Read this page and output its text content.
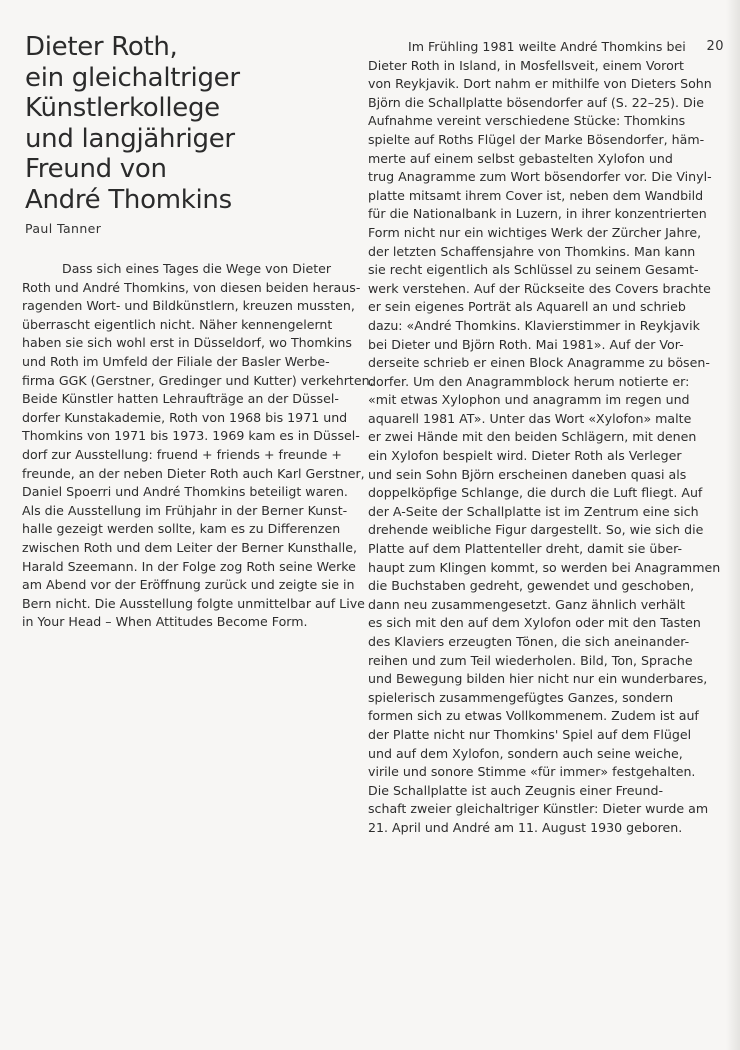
20
Dieter Roth,
ein gleichaltriger
Künstlerkollege
und langjähriger
Freund von
André Thomkins

Paul Tanner

Dass sich eines Tages die Wege von Dieter
Roth und André Thomkins, von diesen beiden heraus-
ragenden Wort- und Bildkünstlern, kreuzen mussten,
überrascht eigentlich nicht. Näher kennengelernt
haben sie sich wohl erst in Düsseldorf, wo Thomkins
und Roth im Umfeld der Filiale der Basler Werbe-
firma GGK (Gerstner, Gredinger und Kutter) verkehrten.
Beide Künstler hatten Lehraufträge an der Düssel-
dorfer Kunstakademie, Roth von 1968 bis 1971 und
Thomkins von 1971 bis 1973. 1969 kam es in Düssel-
dorf zur Ausstellung: fruend + friends + freunde +
freunde, an der neben Dieter Roth auch Karl Gerstner,
Daniel Spoerri und André Thomkins beteiligt waren.
Als die Ausstellung im Frühjahr in der Berner Kunst-
halle gezeigt werden sollte, kam es zu Differenzen
zwischen Roth und dem Leiter der Berner Kunsthalle,
Harald Szeemann. In der Folge zog Roth seine Werke
am Abend vor der Eröffnung zurück und zeigte sie in
Bern nicht. Die Ausstellung folgte unmittelbar auf Live
in Your Head – When Attitudes Become Form.

Im Frühling 1981 weilte André Thomkins bei
Dieter Roth in Island, in Mosfellsveit, einem Vorort
von Reykjavik. Dort nahm er mithilfe von Dieters Sohn
Björn die Schallplatte bösendorfer auf (S. 22–25). Die
Aufnahme vereint verschiedene Stücke: Thomkins
spielte auf Roths Flügel der Marke Bösendorfer, häm-
merte auf einem selbst gebastelten Xylofon und
trug Anagramme zum Wort bösendorfer vor. Die Vinyl-
platte mitsamt ihrem Cover ist, neben dem Wandbild
für die Nationalbank in Luzern, in ihrer konzentrierten
Form nicht nur ein wichtiges Werk der Zürcher Jahre,
der letzten Schaffensjahre von Thomkins. Man kann
sie recht eigentlich als Schlüssel zu seinem Gesamt-
werk verstehen. Auf der Rückseite des Covers brachte
er sein eigenes Porträt als Aquarell an und schrieb
dazu: «André Thomkins. Klavierstimmer in Reykjavik
bei Dieter und Björn Roth. Mai 1981». Auf der Vor-
derseite schrieb er einen Block Anagramme zu bösen-
dorfer. Um den Anagrammblock herum notierte er:
«mit etwas Xylophon und anagramm im regen und
aquarell 1981 AT». Unter das Wort «Xylofon» malte
er zwei Hände mit den beiden Schlägern, mit denen
ein Xylofon bespielt wird. Dieter Roth als Verleger
und sein Sohn Björn erscheinen daneben quasi als
doppelköpfige Schlange, die durch die Luft fliegt. Auf
der A-Seite der Schallplatte ist im Zentrum eine sich
drehende weibliche Figur dargestellt. So, wie sich die
Platte auf dem Plattenteller dreht, damit sie über-
haupt zum Klingen kommt, so werden bei Anagrammen
die Buchstaben gedreht, gewendet und geschoben,
dann neu zusammengesetzt. Ganz ähnlich verhält
es sich mit den auf dem Xylofon oder mit den Tasten
des Klaviers erzeugten Tönen, die sich aneinander-
reihen und zum Teil wiederholen. Bild, Ton, Sprache
und Bewegung bilden hier nicht nur ein wunderbares,
spielerisch zusammengefügtes Ganzes, sondern
formen sich zu etwas Vollkommenem. Zudem ist auf
der Platte nicht nur Thomkins' Spiel auf dem Flügel
und auf dem Xylofon, sondern auch seine weiche,
virile und sonore Stimme «für immer» festgehalten.
Die Schallplatte ist auch Zeugnis einer Freund-
schaft zweier gleichaltriger Künstler: Dieter wurde am
21. April und André am 11. August 1930 geboren.
